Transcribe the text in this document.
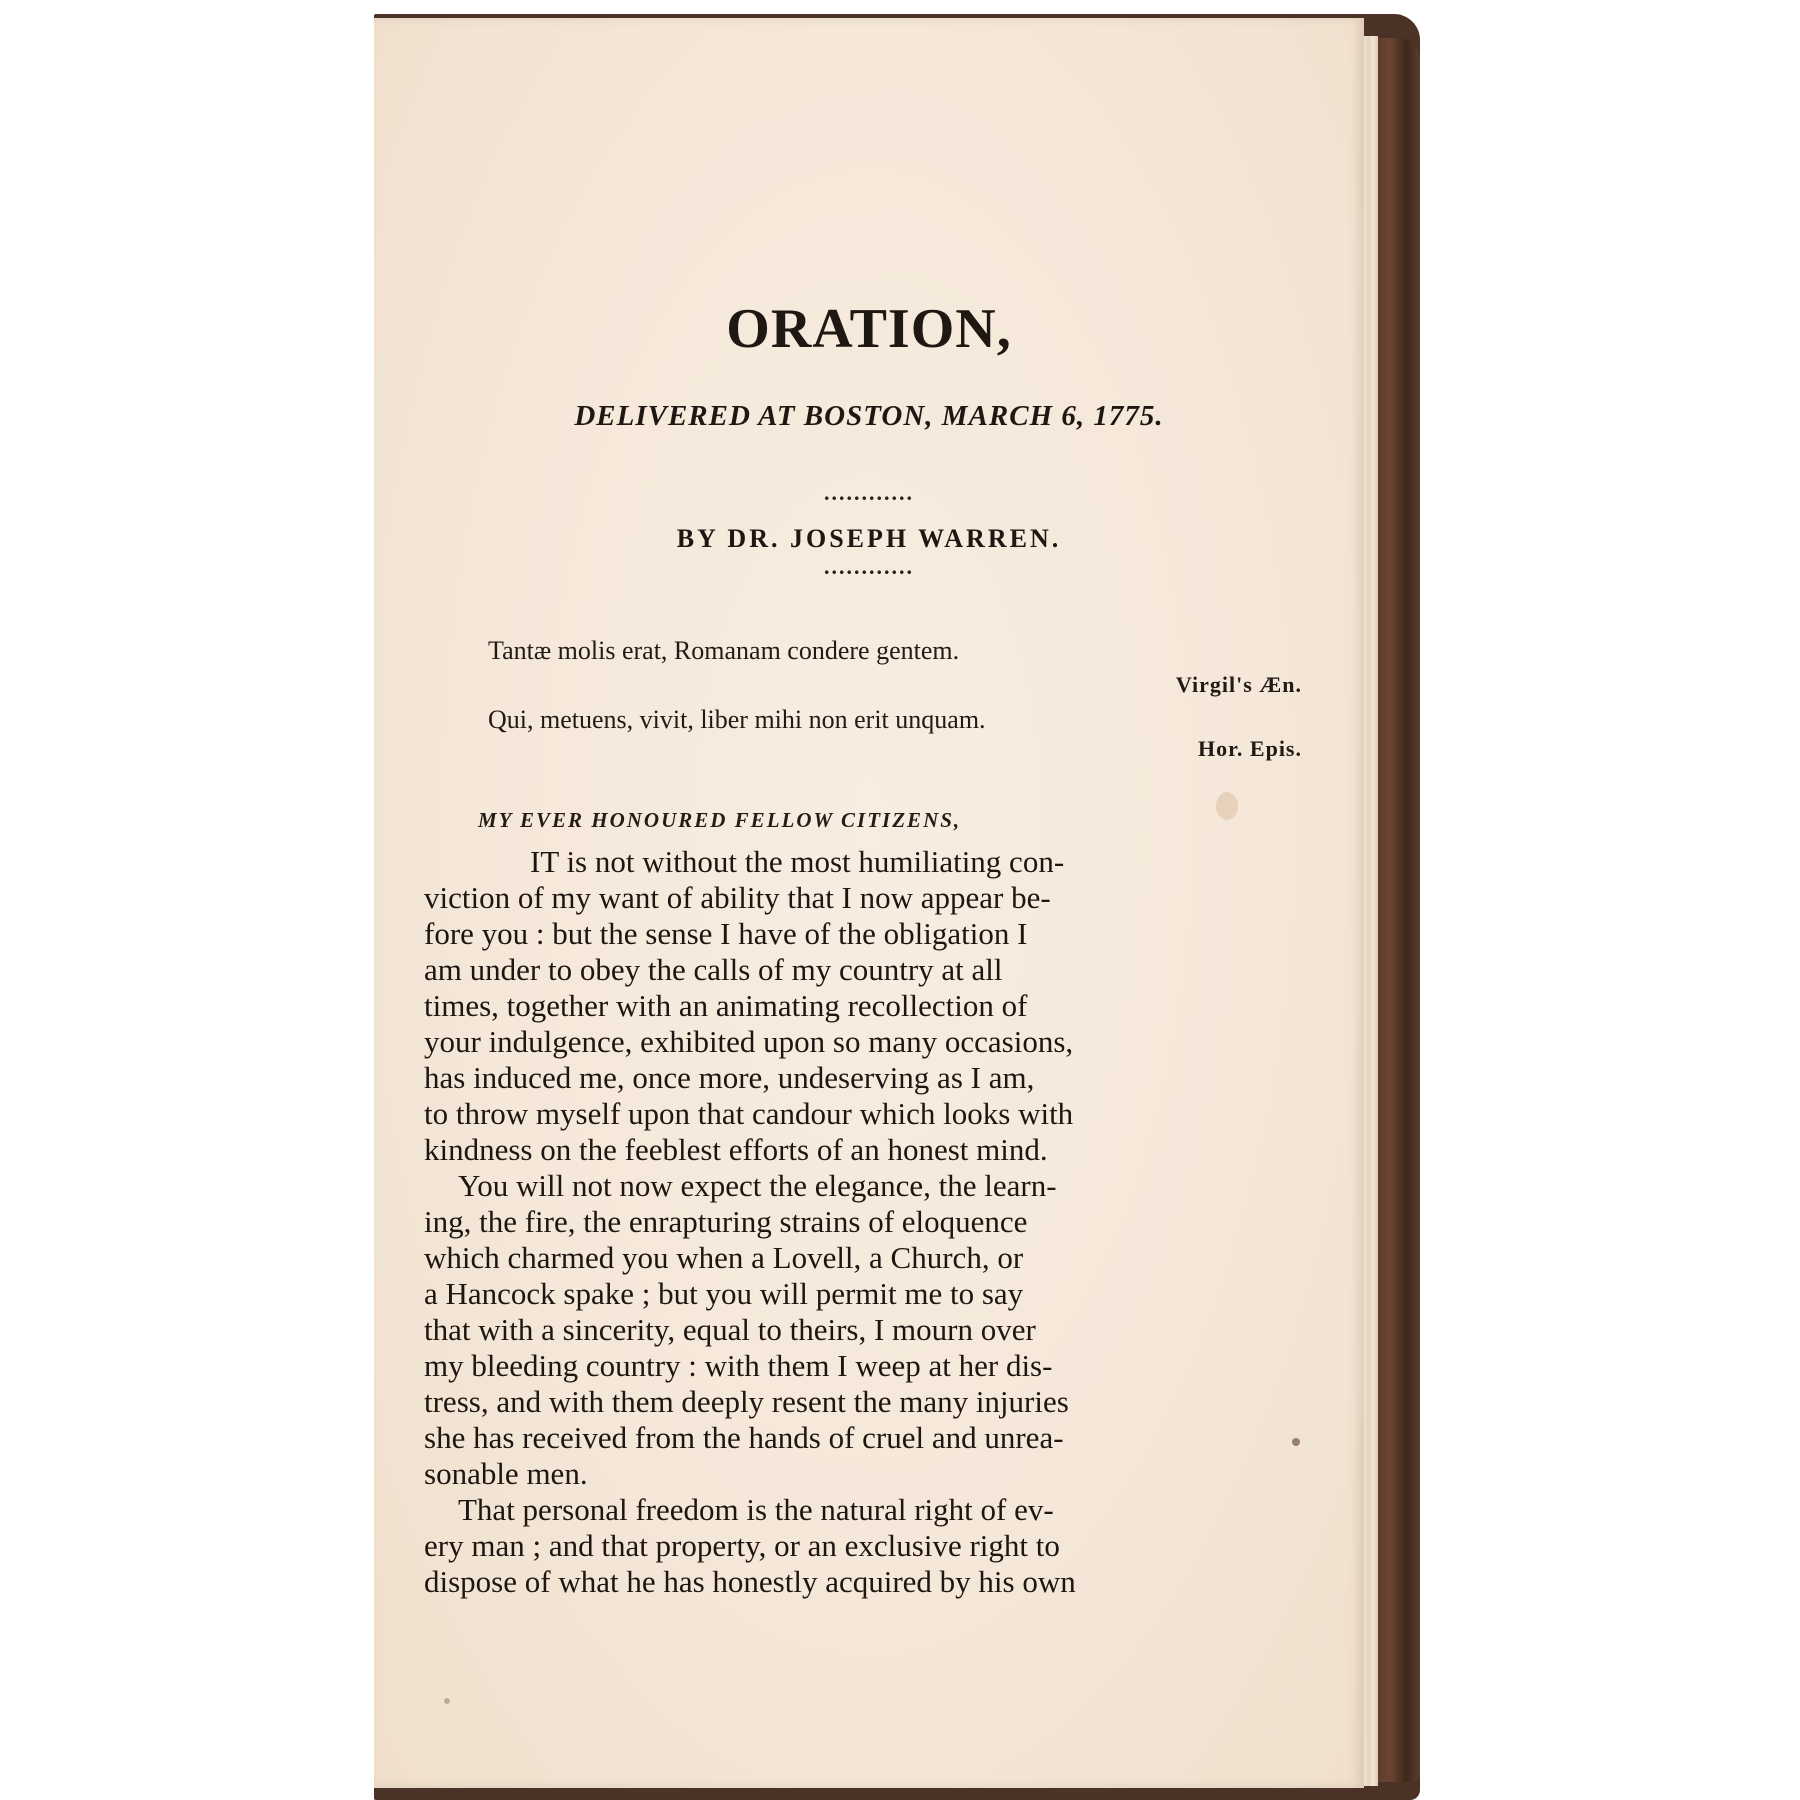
ORATION,
DELIVERED AT BOSTON, MARCH 6, 1775.
............
BY DR. JOSEPH WARREN.
............
Tantæ molis erat, Romanam condere gentem.
Virgil's Æn.
Qui, metuens, vivit, liber mihi non erit unquam.
Hor. Epis.
MY EVER HONOURED FELLOW CITIZENS,
IT is not without the most humiliating con-
viction of my want of ability that I now appear be-
fore you : but the sense I have of the obligation I
am under to obey the calls of my country at all
times, together with an animating recollection of
your indulgence, exhibited upon so many occasions,
has induced me, once more, undeserving as I am,
to throw myself upon that candour which looks with
kindness on the feeblest efforts of an honest mind.
You will not now expect the elegance, the learn-
ing, the fire, the enrapturing strains of eloquence
which charmed you when a Lovell, a Church, or
a Hancock spake ; but you will permit me to say
that with a sincerity, equal to theirs, I mourn over
my bleeding country : with them I weep at her dis-
tress, and with them deeply resent the many injuries
she has received from the hands of cruel and unrea-
sonable men.
That personal freedom is the natural right of ev-
ery man ; and that property, or an exclusive right to
dispose of what he has honestly acquired by his own
